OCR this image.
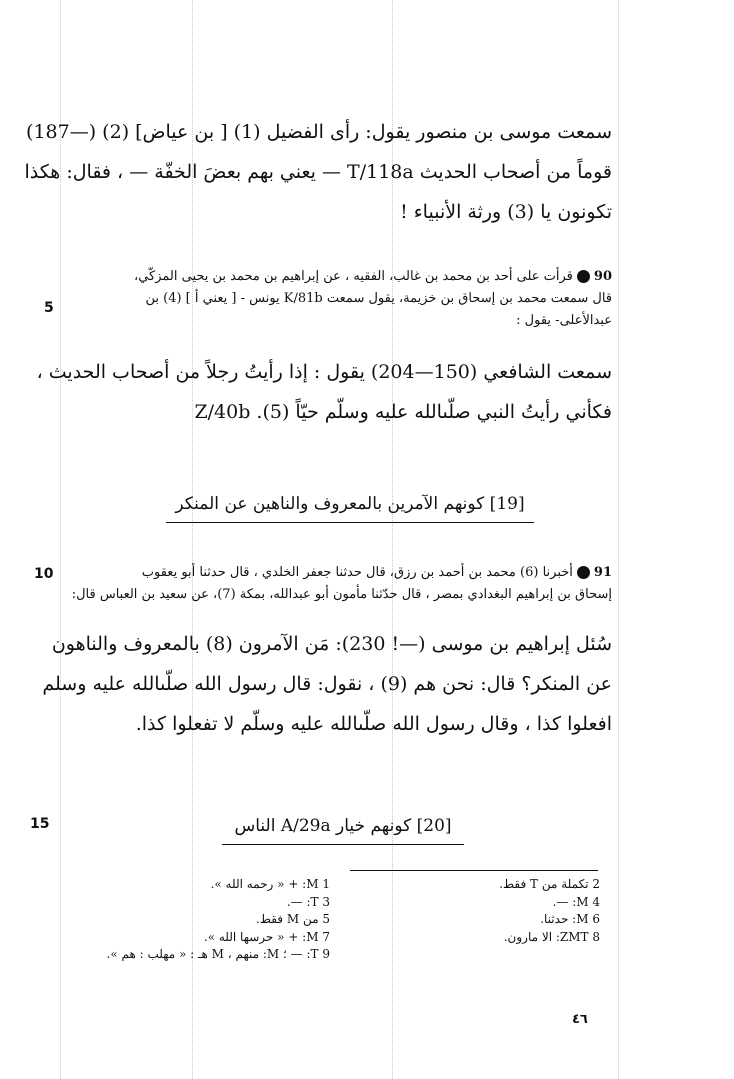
سمعت موسى بن منصور يقول: رأى الفضيل (1) [ بن عياض] (2) (—187)
قوماً من أصحاب الحديث T/118a — يعني بهم بعضَ الخفّة — ، فقال: هكذا
تكونون يا (3) ورثة الأنبياء !
90قرأت على أحد بن محمد بن غالب، الفقيه ، عن إبراهيم بن محمد بن يحيى المزكّي،
قال سمعت محمد بن إسحاق بن خزيمة، يقول سمعت K/81b يونس - [ يعني أ ] (4) بن
عبدالأعلى- يقول :
5
سمعت الشافعي (150—204) يقول : إذا رأيتُ رجلاً من أصحاب الحديث ،
فكأني رأيتُ النبي صلّىالله عليه وسلّم حيّاً (5). Z/40b
[19] كونهم الآمرين بالمعروف والناهين عن المنكر
91أخبرنا (6) محمد بن أحمد بن رزق، قال حدثنا جعفر الخلدي ، قال حدثنا أبو يعقوب
إسحاق بن إبراهيم البغدادي بمصر ، قال حدّثنا مأمون أبو عبدالله، بمكة (7)، عن سعيد بن العباس قال:
10
سُئل إبراهيم بن موسى (—! 230): مَن الآمرون (8) بالمعروف والناهون
عن المنكر؟ قال: نحن هم (9) ، نقول: قال رسول الله صلّىالله عليه وسلم
افعلوا كذا ، وقال رسول الله صلّىالله عليه وسلّم لا تفعلوا كذا.
[20] كونهم خيار A/29a الناس
15
1 M: + « رحمه الله ».
3 T: —.
5 من M فقط.
7 M: + « حرسها الله ».
9 T: — ؛ M: منهم ، M هـ : « مهلب : هم ».
2 تكملة من T فقط.
4 M: —.
6 M: حدثنا.
8 ZMT: الا مارون.
٤٦
